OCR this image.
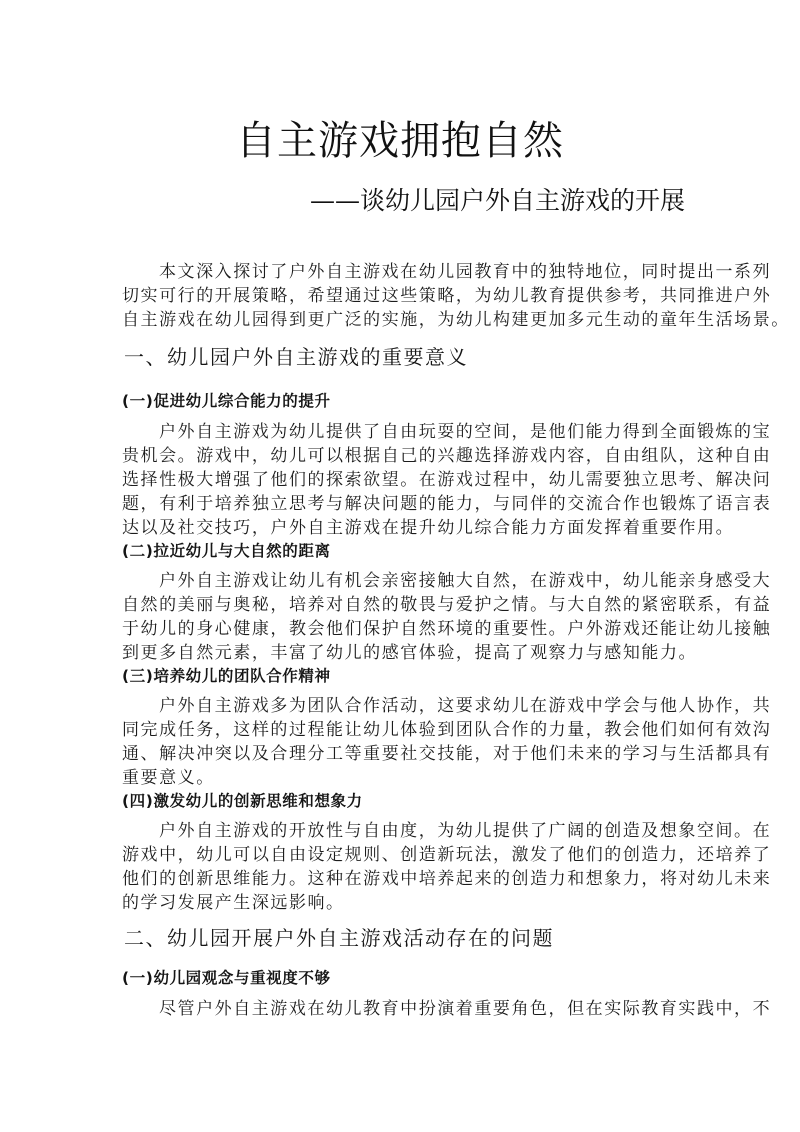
自主游戏拥抱自然
——谈幼儿园户外自主游戏的开展
本文深入探讨了户外自主游戏在幼儿园教育中的独特地位，同时提出一系列
切实可行的开展策略，希望通过这些策略，为幼儿教育提供参考，共同推进户外
自主游戏在幼儿园得到更广泛的实施，为幼儿构建更加多元生动的童年生活场景。
一、幼儿园户外自主游戏的重要意义
(一)促进幼儿综合能力的提升
户外自主游戏为幼儿提供了自由玩耍的空间，是他们能力得到全面锻炼的宝
贵机会。游戏中，幼儿可以根据自己的兴趣选择游戏内容，自由组队，这种自由
选择性极大增强了他们的探索欲望。在游戏过程中，幼儿需要独立思考、解决问
题，有利于培养独立思考与解决问题的能力，与同伴的交流合作也锻炼了语言表
达以及社交技巧，户外自主游戏在提升幼儿综合能力方面发挥着重要作用。
(二)拉近幼儿与大自然的距离
户外自主游戏让幼儿有机会亲密接触大自然，在游戏中，幼儿能亲身感受大
自然的美丽与奥秘，培养对自然的敬畏与爱护之情。与大自然的紧密联系，有益
于幼儿的身心健康，教会他们保护自然环境的重要性。户外游戏还能让幼儿接触
到更多自然元素，丰富了幼儿的感官体验，提高了观察力与感知能力。
(三)培养幼儿的团队合作精神
户外自主游戏多为团队合作活动，这要求幼儿在游戏中学会与他人协作，共
同完成任务，这样的过程能让幼儿体验到团队合作的力量，教会他们如何有效沟
通、解决冲突以及合理分工等重要社交技能，对于他们未来的学习与生活都具有
重要意义。
(四)激发幼儿的创新思维和想象力
户外自主游戏的开放性与自由度，为幼儿提供了广阔的创造及想象空间。在
游戏中，幼儿可以自由设定规则、创造新玩法，激发了他们的创造力，还培养了
他们的创新思维能力。这种在游戏中培养起来的创造力和想象力，将对幼儿未来
的学习发展产生深远影响。
二、幼儿园开展户外自主游戏活动存在的问题
(一)幼儿园观念与重视度不够
尽管户外自主游戏在幼儿教育中扮演着重要角色，但在实际教育实践中，不
